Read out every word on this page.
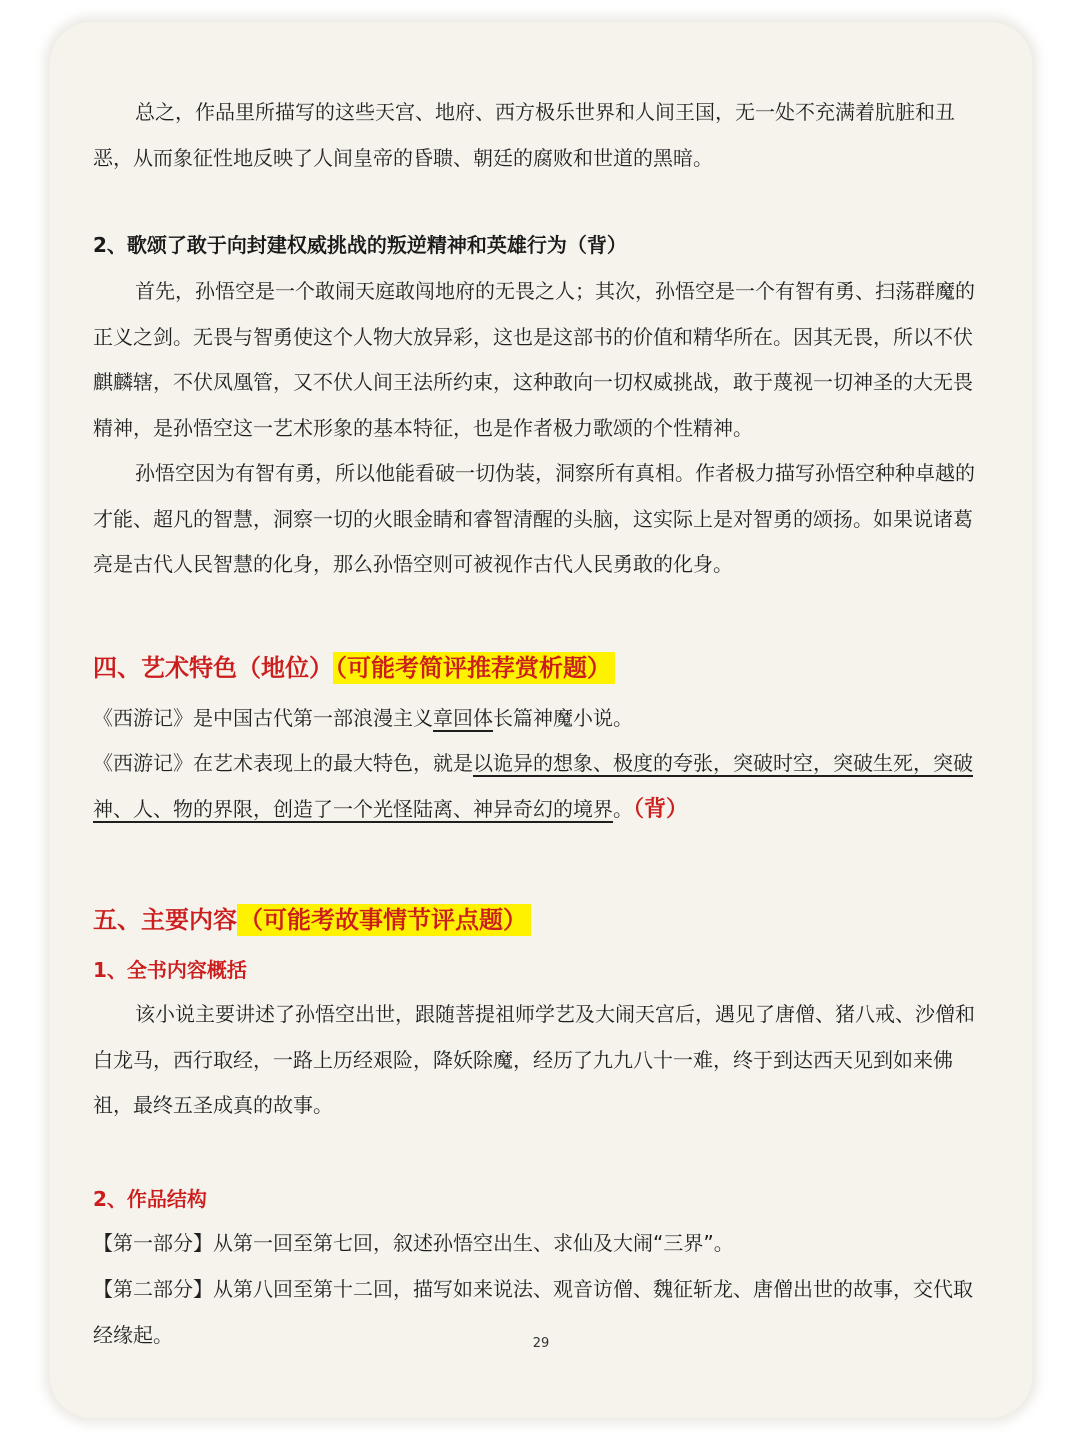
总之，作品里所描写的这些天宫、地府、西方极乐世界和人间王国，无一处不充满着肮脏和丑恶，从而象征性地反映了人间皇帝的昏聩、朝廷的腐败和世道的黑暗。

2、歌颂了敢于向封建权威挑战的叛逆精神和英雄行为（背）

首先，孙悟空是一个敢闹天庭敢闯地府的无畏之人；其次，孙悟空是一个有智有勇、扫荡群魔的正义之剑。无畏与智勇使这个人物大放异彩，这也是这部书的价值和精华所在。因其无畏，所以不伏麒麟辖，不伏凤凰管，又不伏人间王法所约束，这种敢向一切权威挑战，敢于蔑视一切神圣的大无畏精神，是孙悟空这一艺术形象的基本特征，也是作者极力歌颂的个性精神。

孙悟空因为有智有勇，所以他能看破一切伪装，洞察所有真相。作者极力描写孙悟空种种卓越的才能、超凡的智慧，洞察一切的火眼金睛和睿智清醒的头脑，这实际上是对智勇的颂扬。如果说诸葛亮是古代人民智慧的化身，那么孙悟空则可被视作古代人民勇敢的化身。

四、艺术特色（地位）（可能考简评推荐赏析题）

《西游记》是中国古代第一部浪漫主义章回体长篇神魔小说。

《西游记》在艺术表现上的最大特色，就是以诡异的想象、极度的夸张，突破时空，突破生死，突破神、人、物的界限，创造了一个光怪陆离、神异奇幻的境界。（背）

五、主要内容（可能考故事情节评点题）

1、全书内容概括

该小说主要讲述了孙悟空出世，跟随菩提祖师学艺及大闹天宫后，遇见了唐僧、猪八戒、沙僧和白龙马，西行取经，一路上历经艰险，降妖除魔，经历了九九八十一难，终于到达西天见到如来佛祖，最终五圣成真的故事。

2、作品结构

【第一部分】从第一回至第七回，叙述孙悟空出生、求仙及大闹“三界”。

【第二部分】从第八回至第十二回，描写如来说法、观音访僧、魏征斩龙、唐僧出世的故事，交代取经缘起。	29
